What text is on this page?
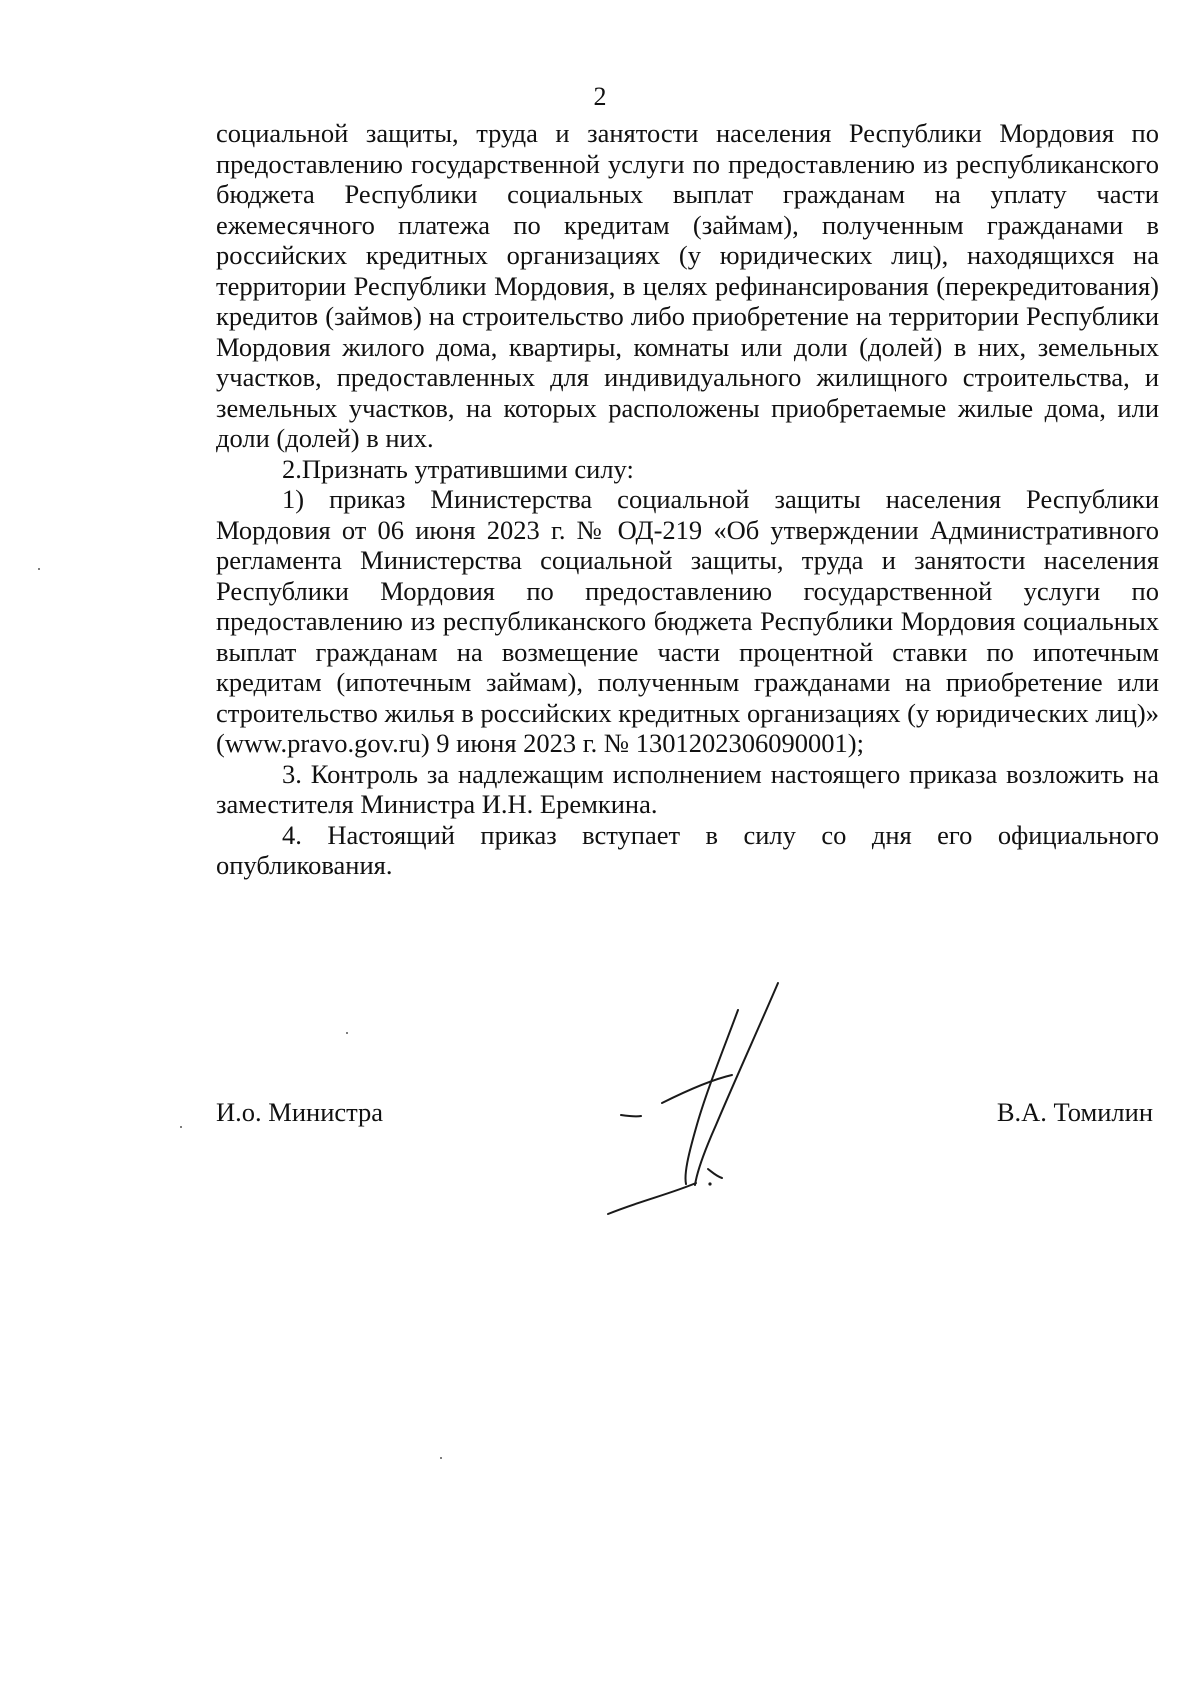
2

социальной защиты, труда и занятости населения Республики Мордовия по предоставлению государственной услуги по предоставлению из республиканского бюджета Республики социальных выплат гражданам на уплату части ежемесячного платежа по кредитам (займам), полученным гражданами в российских кредитных организациях (у юридических лиц), находящихся на территории Республики Мордовия, в целях рефинансирования (перекредитования) кредитов (займов) на строительство либо приобретение на территории Республики Мордовия жилого дома, квартиры, комнаты или доли (долей) в них, земельных участков, предоставленных для индивидуального жилищного строительства, и земельных участков, на которых расположены приобретаемые жилые дома, или доли (долей) в них.

2.Признать утратившими силу:

1) приказ Министерства социальной защиты населения Республики Мордовия от 06 июня 2023 г. № ОД-219 «Об утверждении Административного регламента Министерства социальной защиты, труда и занятости населения Республики Мордовия по предоставлению государственной услуги по предоставлению из республиканского бюджета Республики Мордовия социальных выплат гражданам на возмещение части процентной ставки по ипотечным кредитам (ипотечным займам), полученным гражданами на приобретение или строительство жилья в российских кредитных организациях (у юридических лиц)» (www.pravo.gov.ru) 9 июня 2023 г. № 1301202306090001);

3. Контроль за надлежащим исполнением настоящего приказа возложить на заместителя Министра И.Н. Еремкина.

4. Настоящий приказ вступает в силу со дня его официального опубликования.

И.о. Министра	В.А. Томилин
